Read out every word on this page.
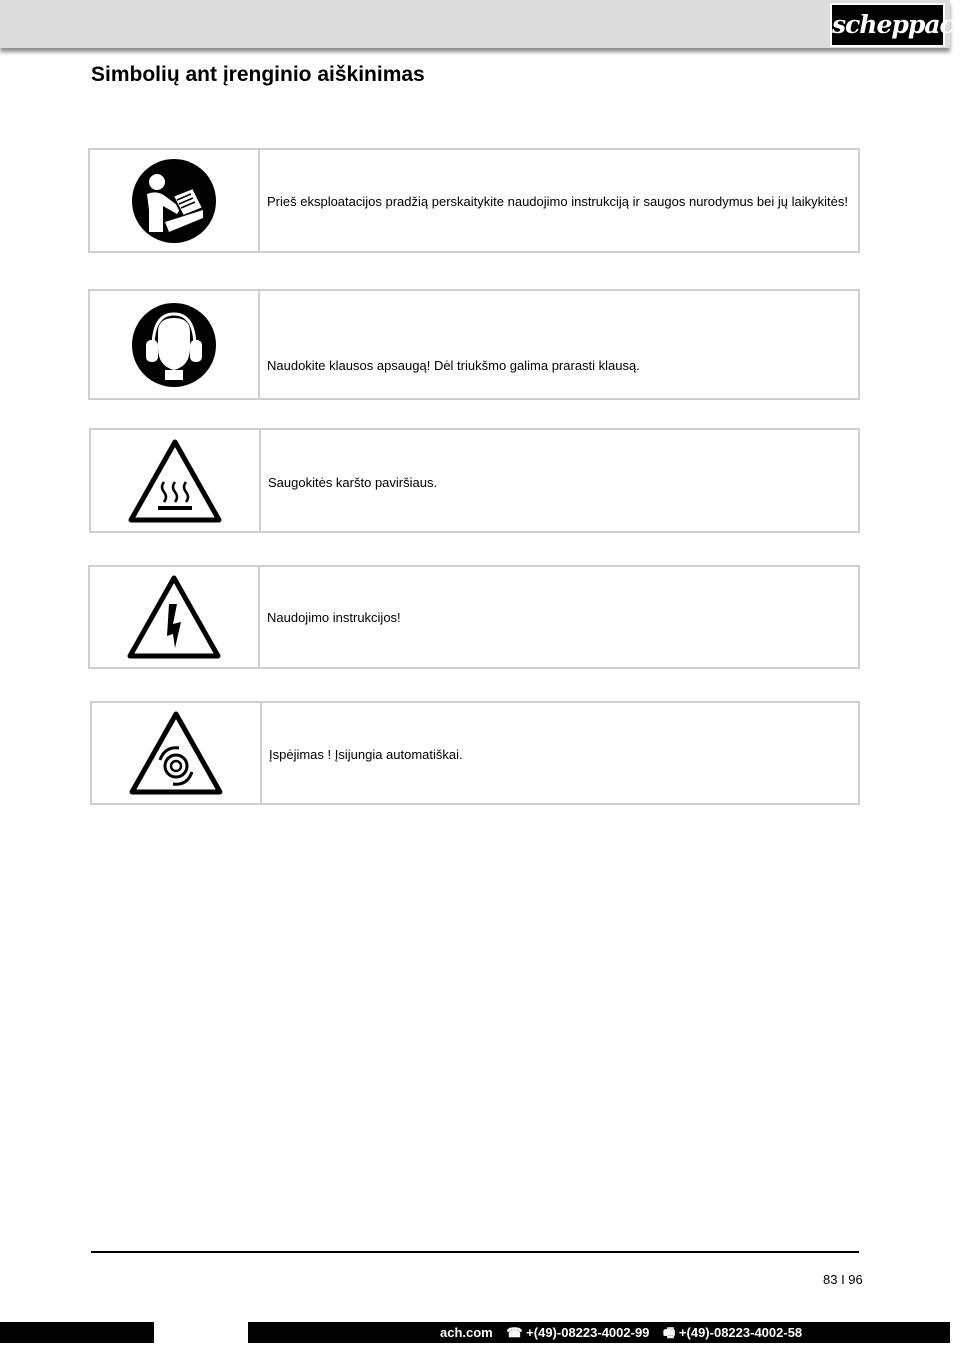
scheppach
Simbolių ant įrenginio aiškinimas
Prieš eksploatacijos pradžią perskaitykite naudojimo instrukciją ir saugos nurodymus bei jų laikykitės!
Naudokite klausos apsaugą! Dėl triukšmo galima prarasti klausą.
Saugokitės karšto paviršiaus.
Naudojimo instrukcijos!
Įspėjimas ! Įsijungia automatiškai.
83 I 96
ach.com ☎ +(49)-08223-4002-99 🖷 +(49)-08223-4002-58
